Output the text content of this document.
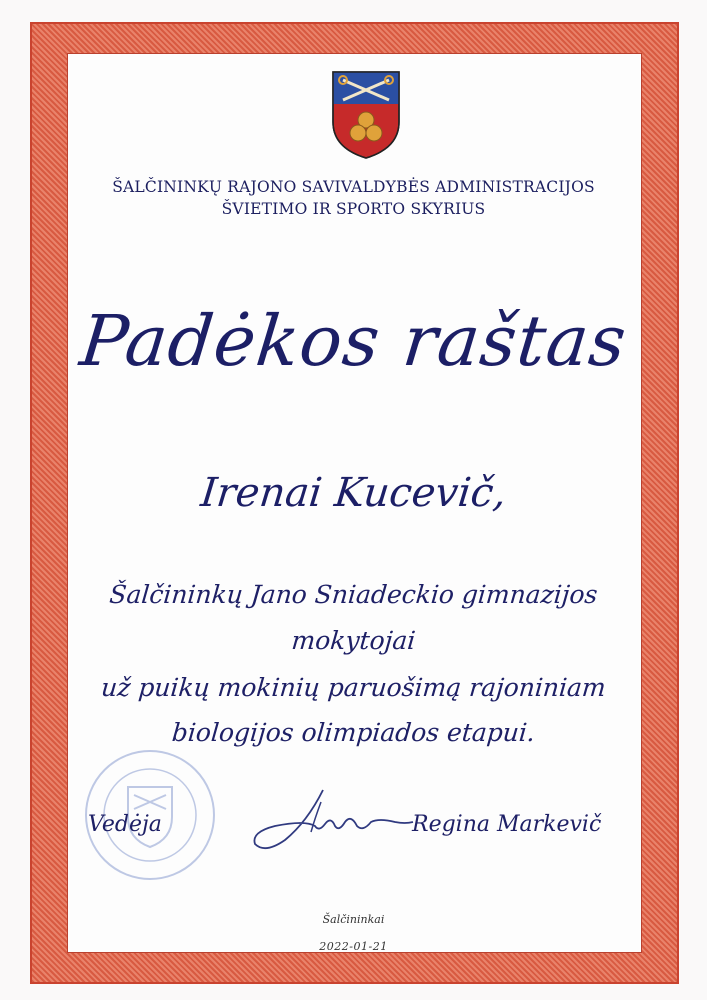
ŠALČININKŲ RAJONO SAVIVALDYBĖS ADMINISTRACIJOS
ŠVIETIMO IR SPORTO SKYRIUS
Padėkos raštas
Irenai Kucevič,
Šalčininkų Jano Sniadeckio gimnazijos
mokytojai
už puikų mokinių paruošimą rajoniniam
biologijos olimpiados etapui.
Vedėja	Regina Markevič
Šalčininkai
2022-01-21
